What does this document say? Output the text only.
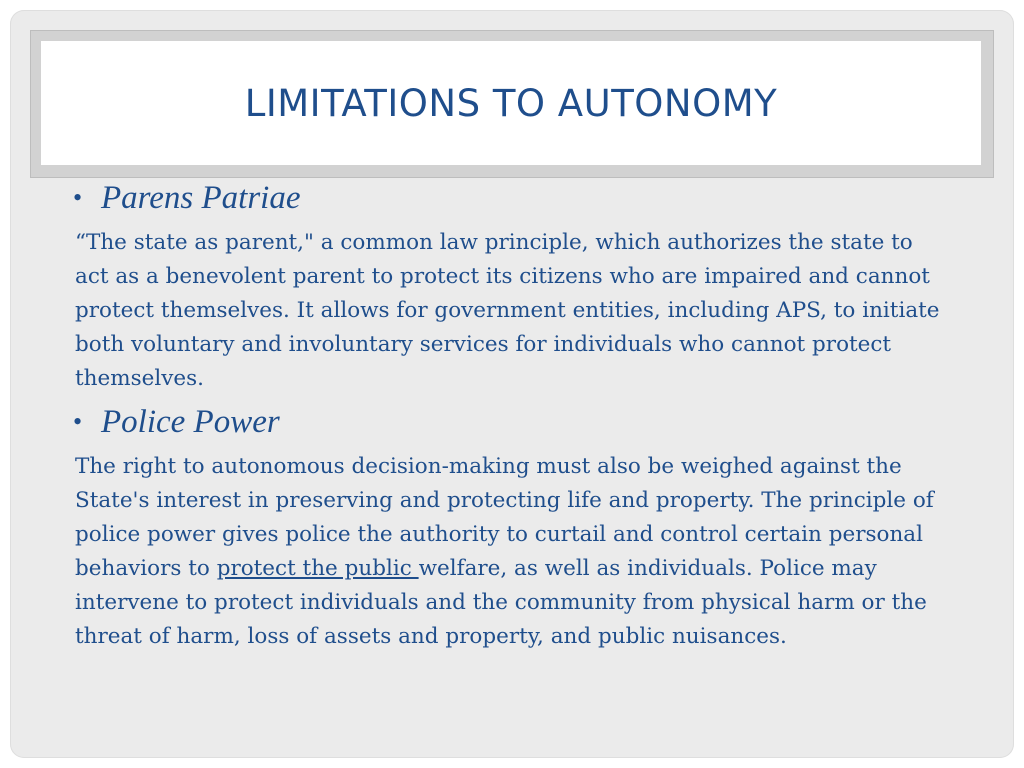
LIMITATIONS TO AUTONOMY

• Parens Patriae

“The state as parent," a common law principle, which authorizes the state to act as a benevolent parent to protect its citizens who are impaired and cannot protect themselves. It allows for government entities, including APS, to initiate both voluntary and involuntary services for individuals who cannot protect themselves.

• Police Power

The right to autonomous decision-making must also be weighed against the State's interest in preserving and protecting life and property. The principle of police power gives police the authority to curtail and control certain personal behaviors to protect the public welfare, as well as individuals. Police may intervene to protect individuals and the community from physical harm or the threat of harm, loss of assets and property, and public nuisances.
